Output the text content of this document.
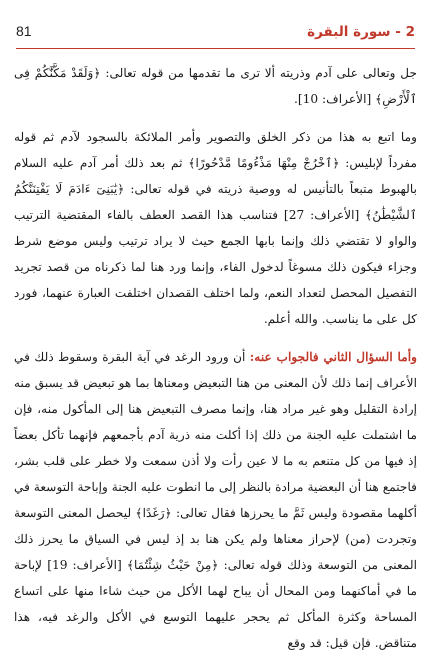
81	2 - سورة البقرة

جل وتعالى على آدم وذريته ألا ترى ما تقدمها من قوله تعالى: ﴿وَلَقَدْ مَكَّنَّٰكُمْ فِى ٱلْأَرْضِ﴾ [الأعراف: 10].

وما اتبع به هذا من ذكر الخلق والتصوير وأمر الملائكة بالسجود لآدم ثم قوله مفرداً لإبليس: ﴿ٱخْرُجْ مِنْهَا مَذْءُومًا مَّدْحُورًا﴾ ثم بعد ذلك أمر آدم عليه السلام بالهبوط متبعاً بالتأنيس له ووصية ذريته في قوله تعالى: ﴿يَٰبَنِىٓ ءَادَمَ لَا يَفْتِنَنَّكُمُ ٱلشَّيْطَٰنُ﴾ [الأعراف: 27] فتناسب هذا القصد العطف بالفاء المقتضية الترتيب والواو لا تقتضي ذلك وإنما بابها الجمع حيث لا يراد ترتيب وليس موضع شرط وجزاء فيكون ذلك مسوغاً لدخول الفاء، وإنما ورد هنا لما ذكرناه من قصد تجريد التفصيل المحصل لتعداد النعم، ولما اختلف القصدان اختلفت العبارة عنهما، فورد كل على ما يناسب. والله أعلم.

وأما السؤال الثاني فالجواب عنه: أن ورود الرغد في آية البقرة وسقوط ذلك في الأعراف إنما ذلك لأن المعنى من هنا التبعيض ومعناها بما هو تبعيض قد يسبق منه إرادة التقليل وهو غير مراد هنا، وإنما مصرف التبعيض هنا إلى المأكول منه، فإن ما اشتملت عليه الجنة من ذلك إذا أكلت منه ذرية آدم بأجمعهم فإنهما تأكل بعضاً إذ فيها من كل متنعم به ما لا عين رأت ولا أذن سمعت ولا خطر على قلب بشر، فاجتمع هنا أن البعضية مرادة بالنظر إلى ما انطوت عليه الجنة وإباحة التوسعة في أكلهما مقصودة وليس ثَمَّ ما يحرزها فقال تعالى: ﴿رَغَدًا﴾ ليحصل المعنى التوسعة وتجردت (من) لإحراز معناها ولم يكن هنا بد إذ ليس في السياق ما يحرز ذلك المعنى من التوسعة وذلك قوله تعالى: ﴿مِنْ حَيْثُ شِئْتُمَا﴾ [الأعراف: 19] لإباحة ما في أماكنهما ومن المحال أن يباح لهما الأكل من حيث شاءا منها على اتساع المساحة وكثرة المأكل ثم يحجر عليهما التوسع في الأكل والرغد فيه، هذا متناقض. فإن قيل: قد وقع
